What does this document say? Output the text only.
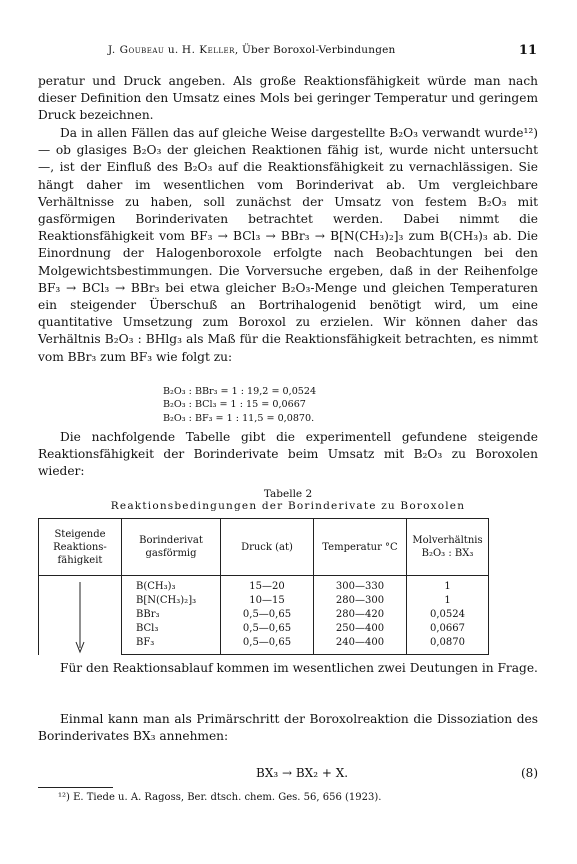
J. Goubeau u. H. Keller, Über Boroxol-Verbindungen	11

peratur und Druck angeben. Als große Reaktionsfähigkeit würde man nach dieser Definition den Umsatz eines Mols bei geringer Temperatur und geringem Druck bezeichnen.

Da in allen Fällen das auf gleiche Weise dargestellte B₂O₃ verwandt wurde¹²) — ob glasiges B₂O₃ der gleichen Reaktionen fähig ist, wurde nicht untersucht —, ist der Einfluß des B₂O₃ auf die Reaktionsfähigkeit zu vernachlässigen. Sie hängt daher im wesentlichen vom Borinderivat ab. Um vergleichbare Verhältnisse zu haben, soll zunächst der Umsatz von festem B₂O₃ mit gasförmigen Borinderivaten betrachtet werden. Dabei nimmt die Reaktionsfähigkeit vom BF₃ → BCl₃ → BBr₃ → B[N(CH₃)₂]₃ zum B(CH₃)₃ ab. Die Einordnung der Halogenboroxole erfolgte nach Beobachtungen bei den Molgewichtsbestimmungen. Die Vorversuche ergeben, daß in der Reihenfolge BF₃ → BCl₃ → BBr₃ bei etwa gleicher B₂O₃-Menge und gleichen Temperaturen ein steigender Überschuß an Bortrihalogenid benötigt wird, um eine quantitative Umsetzung zum Boroxol zu erzielen. Wir können daher das Verhältnis B₂O₃ : BHlg₃ als Maß für die Reaktionsfähigkeit betrachten, es nimmt vom BBr₃ zum BF₃ wie folgt zu:

B₂O₃ : BBr₃ = 1 : 19,2 = 0,0524
B₂O₃ : BCl₃ = 1 : 15 = 0,0667
B₂O₃ : BF₃ = 1 : 11,5 = 0,0870.

Die nachfolgende Tabelle gibt die experimentell gefundene steigende Reaktionsfähigkeit der Borinderivate beim Umsatz mit B₂O₃ zu Boroxolen wieder:

Tabelle 2
Reaktionsbedingungen der Borinderivate zu Boroxolen
Steigende Reaktions-fähigkeit	Borinderivat gasförmig	Druck (at)	Temperatur °C	Molverhältnis B₂O₃ : BX₃

	B(CH₃)₃	15—20	300—330	1
	B[N(CH₃)₂]₃	10—15	280—300	1
	BBr₃	0,5—0,65	280—420	0,0524
	BCl₃	0,5—0,65	250—400	0,0667
	BF₃	0,5—0,65	240—400	0,0870

Für den Reaktionsablauf kommen im wesentlichen zwei Deutungen in Frage.

Einmal kann man als Primärschritt der Boroxolreaktion die Dissoziation des Borinderivates BX₃ annehmen:

BX₃ → BX₂ + X.	(8)
¹²) E. Tiede u. A. Ragoss, Ber. dtsch. chem. Ges. 56, 656 (1923).
